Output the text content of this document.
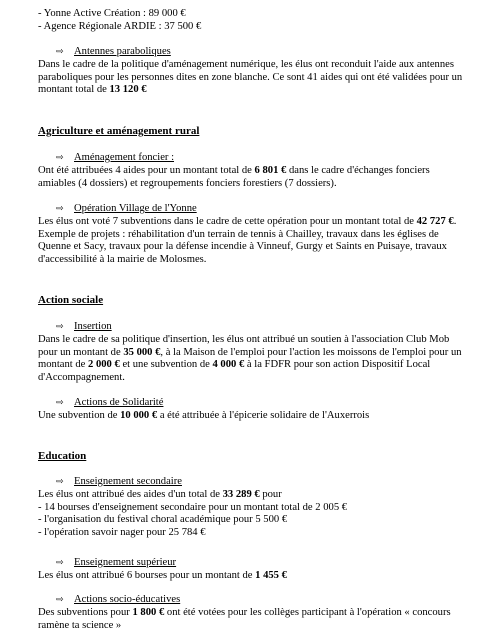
- Yonne Active Création : 89 000 €
- Agence Régionale ARDIE : 37 500 €

⇨ Antennes paraboliques

Dans le cadre de la politique d'aménagement numérique, les élus ont reconduit l'aide aux antennes paraboliques pour les personnes dites en zone blanche. Ce sont 41 aides qui ont été validées pour un montant total de 13 120 €

Agriculture et aménagement rural

⇨ Aménagement foncier :

Ont été attribuées 4 aides pour un montant total de 6 801 € dans le cadre d'échanges fonciers amiables (4 dossiers) et regroupements fonciers forestiers (7 dossiers).

⇨ Opération Village de l'Yonne

Les élus ont voté 7 subventions dans le cadre de cette opération pour un montant total de 42 727 €. Exemple de projets : réhabilitation d'un terrain de tennis à Chailley, travaux dans les églises de Quenne et Sacy, travaux pour la défense incendie à Vinneuf, Gurgy et Saints en Puisaye, travaux d'accessibilité à la mairie de Molosmes.

Action sociale

⇨ Insertion

Dans le cadre de sa politique d'insertion, les élus ont attribué un soutien à l'association Club Mob pour un montant de 35 000 €, à la Maison de l'emploi pour l'action les moissons de l'emploi pour un montant de 2 000 € et une subvention de 4 000 € à la FDFR pour son action Dispositif Local d'Accompagnement.

⇨ Actions de Solidarité

Une subvention de 10 000 € a été attribuée à l'épicerie solidaire de l'Auxerrois

Education

⇨ Enseignement secondaire

Les élus ont attribué des aides d'un total de 33 289 € pour
- 14 bourses d'enseignement secondaire pour un montant total de 2 005 €
- l'organisation du festival choral académique pour 5 500 €
- l'opération savoir nager pour 25 784 €

⇨ Enseignement supérieur

Les élus ont attribué 6 bourses pour un montant de 1 455 €

⇨ Actions socio-éducatives

Des subventions pour 1 800 € ont été votées pour les collèges participant à l'opération « concours ramène ta science »
